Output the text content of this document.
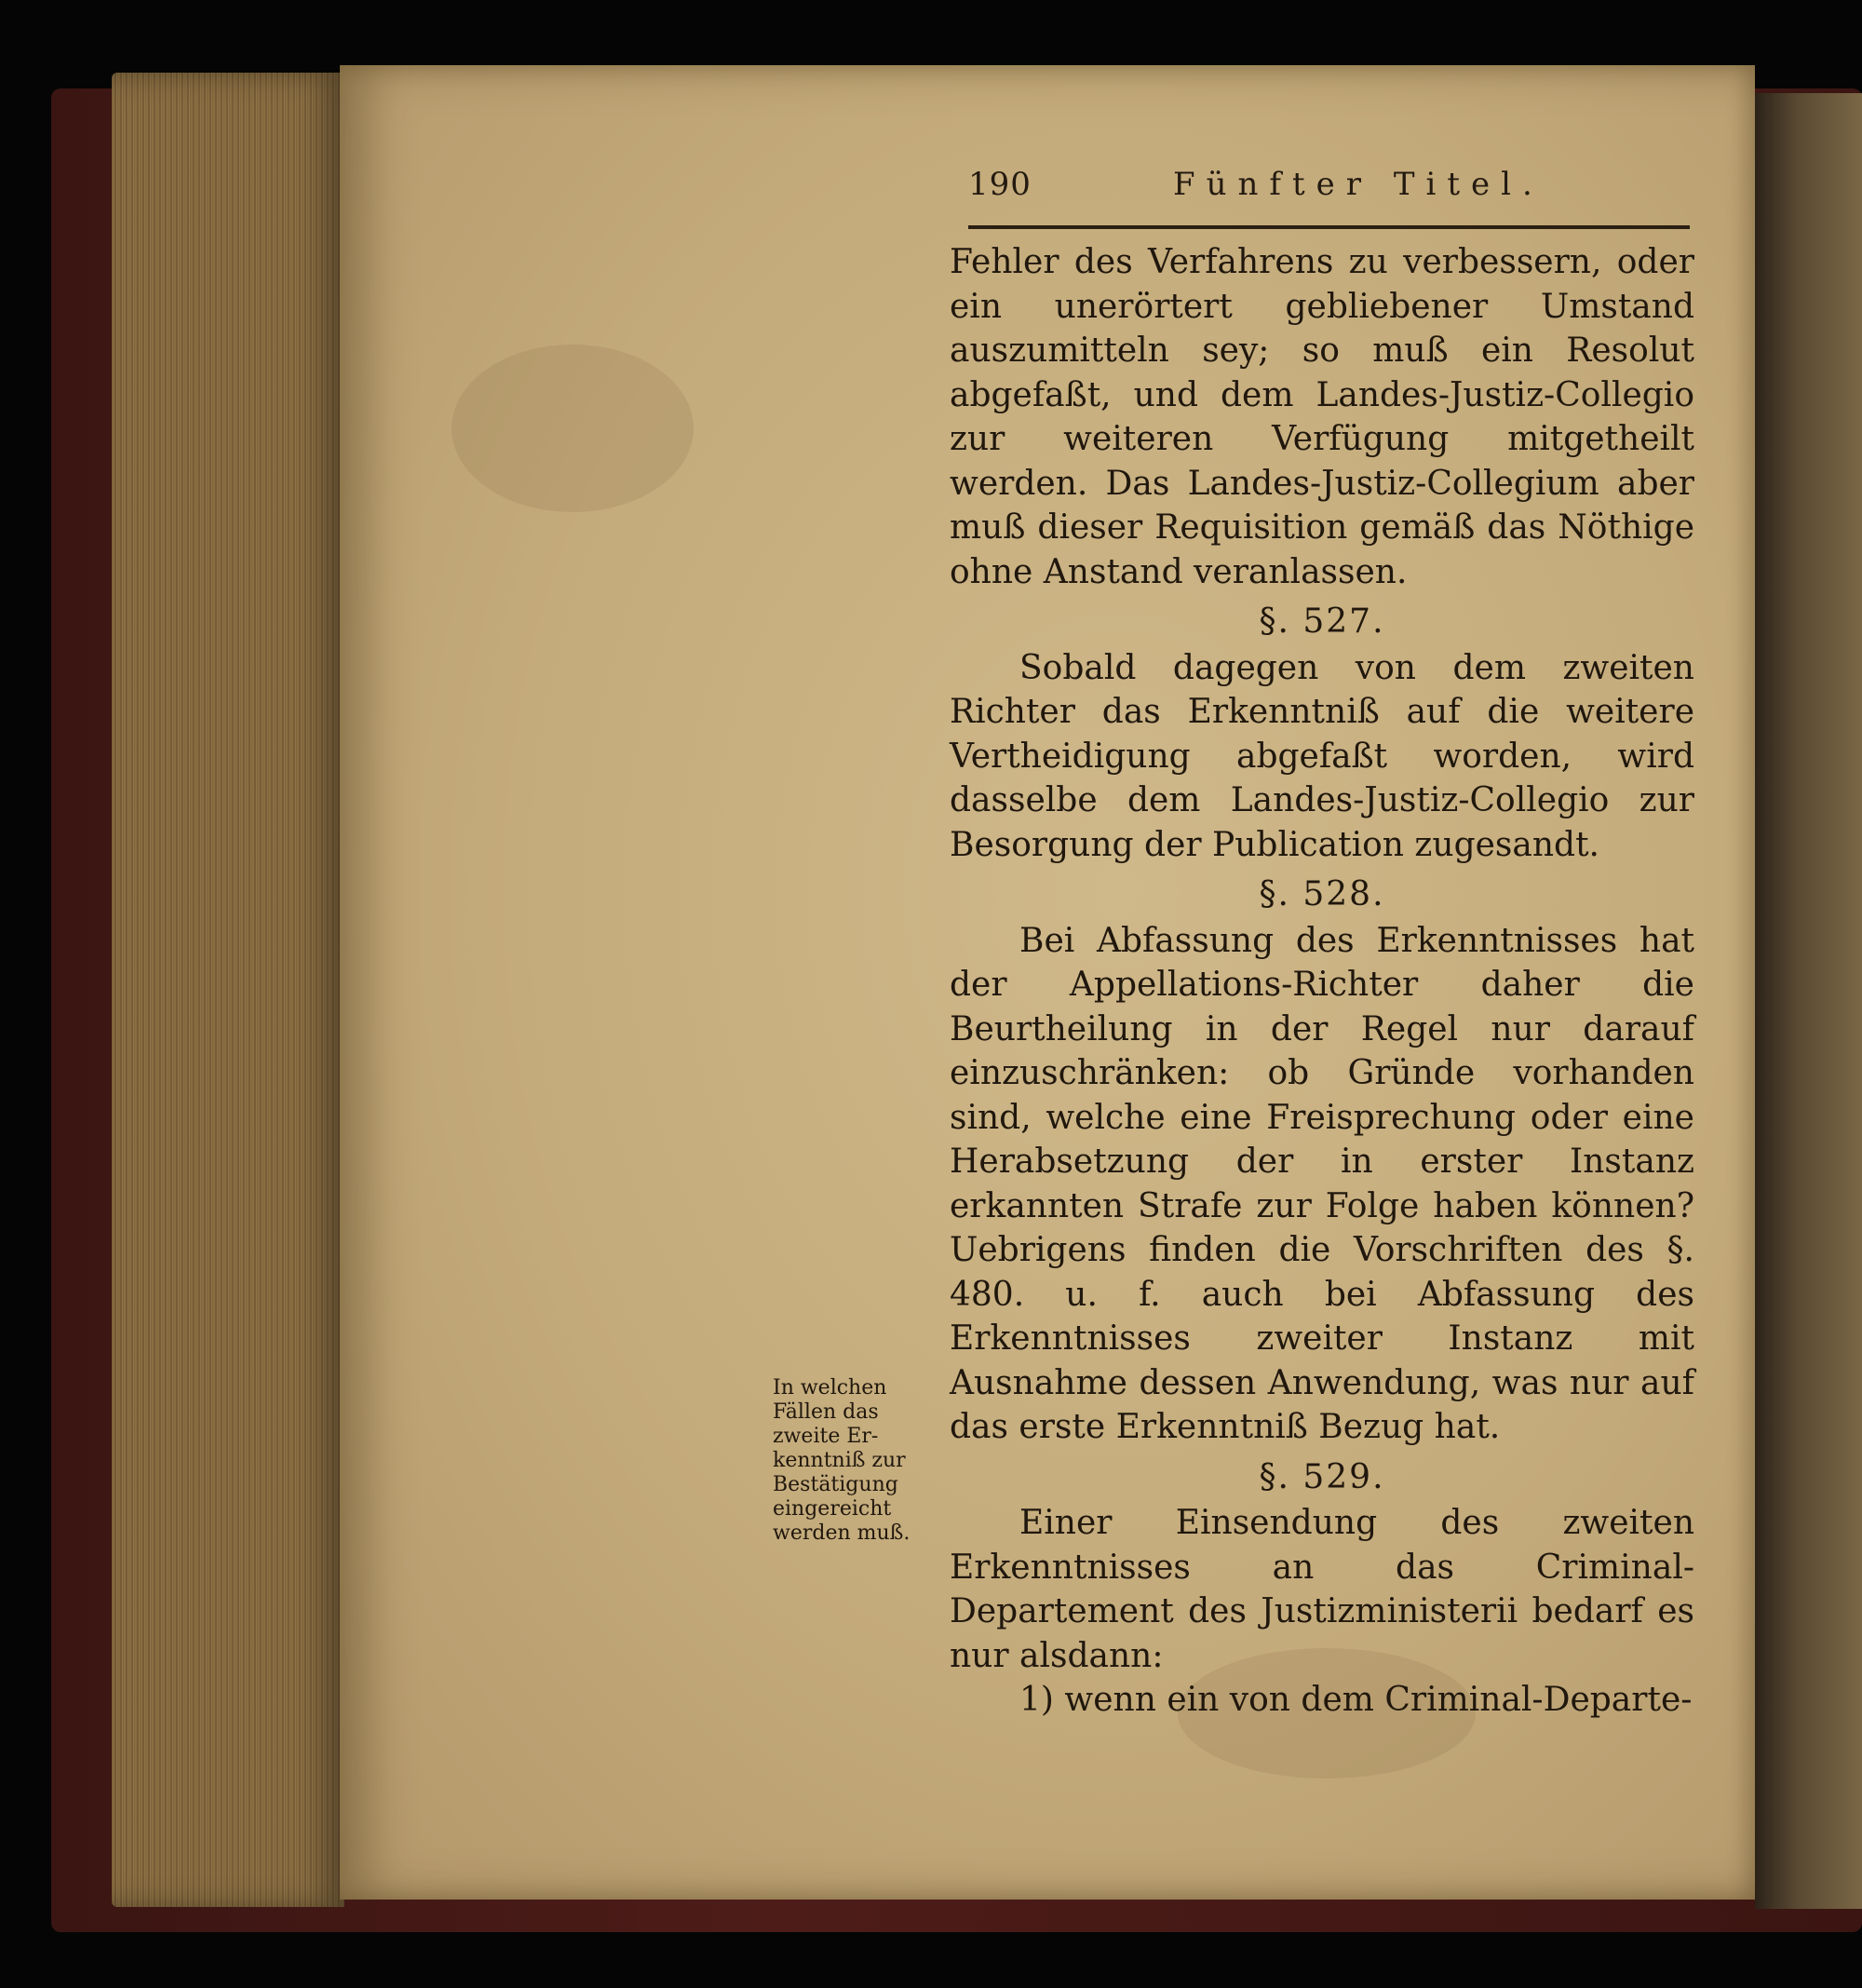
190	Fünfter Titel.

Fehler des Verfahrens zu verbessern, oder ein unerörtert gebliebener Umstand auszumitteln sey; so muß ein Resolut abgefaßt, und dem Landes-Justiz-Collegio zur weiteren Verfügung mitgetheilt werden. Das Landes-Justiz-Collegium aber muß dieser Requisition gemäß das Nöthige ohne Anstand veranlassen.

§. 527.

Sobald dagegen von dem zweiten Richter das Erkenntniß auf die weitere Vertheidigung abgefaßt worden, wird dasselbe dem Landes-Justiz-Collegio zur Besorgung der Publication zugesandt.

§. 528.

Bei Abfassung des Erkenntnisses hat der Appellations-Richter daher die Beurtheilung in der Regel nur darauf einzuschränken: ob Gründe vorhanden sind, welche eine Freisprechung oder eine Herabsetzung der in erster Instanz erkannten Strafe zur Folge haben können? Uebrigens finden die Vorschriften des §. 480. u. f. auch bei Abfassung des Erkenntnisses zweiter Instanz mit Ausnahme dessen Anwendung, was nur auf das erste Erkenntniß Bezug hat.

§. 529.

Einer Einsendung des zweiten Erkenntnisses an das Criminal-Departement des Justizministerii bedarf es nur alsdann:

1) wenn ein von dem Criminal-Departe-

In welchen
Fällen das
zweite Er-
kenntniß zur
Bestätigung
eingereicht
werden muß.
